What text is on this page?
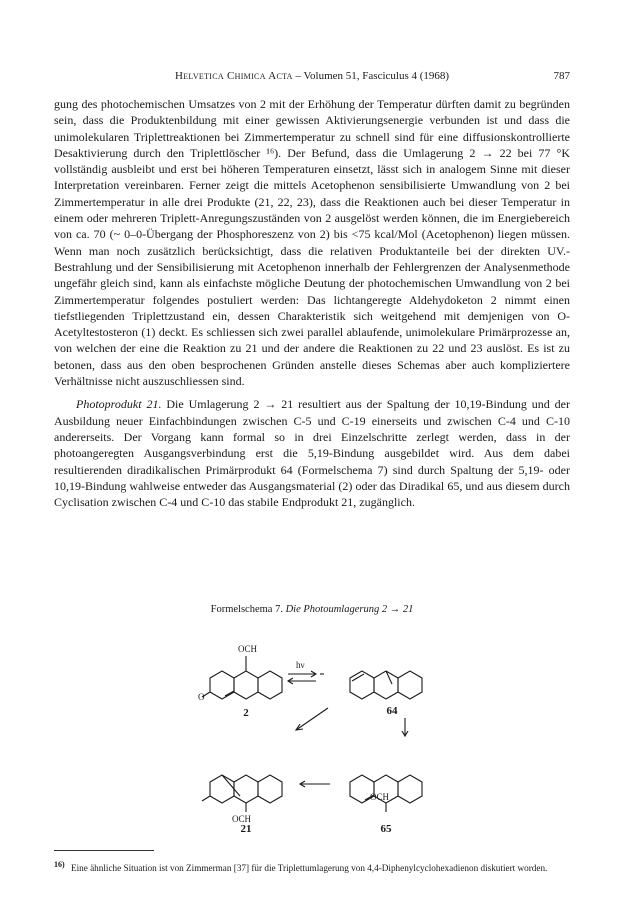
Helvetica Chimica Acta – Volumen 51, Fasciculus 4 (1968)	787

gung des photochemischen Umsatzes von 2 mit der Erhöhung der Temperatur dürften damit zu begründen sein, dass die Produktenbildung mit einer gewissen Aktivierungsenergie verbunden ist und dass die unimolekularen Triplettreaktionen bei Zimmertemperatur zu schnell sind für eine diffusionskontrollierte Desaktivierung durch den Triplettlöscher ¹⁶). Der Befund, dass die Umlagerung 2 → 22 bei 77 °K vollständig ausbleibt und erst bei höheren Temperaturen einsetzt, lässt sich in analogem Sinne mit dieser Interpretation vereinbaren. Ferner zeigt die mittels Acetophenon sensibilisierte Umwandlung von 2 bei Zimmertemperatur in alle drei Produkte (21, 22, 23), dass die Reaktionen auch bei dieser Temperatur in einem oder mehreren Triplett-Anregungszuständen von 2 ausgelöst werden können, die im Energiebereich von ca. 70 (~ 0–0-Übergang der Phosphoreszenz von 2) bis <75 kcal/Mol (Acetophenon) liegen müssen. Wenn man noch zusätzlich berücksichtigt, dass die relativen Produktanteile bei der direkten UV.-Bestrahlung und der Sensibilisierung mit Acetophenon innerhalb der Fehlergrenzen der Analysenmethode ungefähr gleich sind, kann als einfachste mögliche Deutung der photochemischen Umwandlung von 2 bei Zimmertemperatur folgendes postuliert werden: Das lichtangeregte Aldehydoketon 2 nimmt einen tiefstliegenden Triplettzustand ein, dessen Charakteristik sich weitgehend mit demjenigen von O-Acetyltestosteron (1) deckt. Es schliessen sich zwei parallel ablaufende, unimolekulare Primärprozesse an, von welchen der eine die Reaktion zu 21 und der andere die Reaktionen zu 22 und 23 auslöst. Es ist zu betonen, dass aus den oben besprochenen Gründen anstelle dieses Schemas aber auch kompliziertere Verhältnisse nicht auszuschliessen sind.

Photoprodukt 21. Die Umlagerung 2 → 21 resultiert aus der Spaltung der 10,19-Bindung und der Ausbildung neuer Einfachbindungen zwischen C-5 und C-19 einerseits und zwischen C-4 und C-10 andererseits. Der Vorgang kann formal so in drei Einzelschritte zerlegt werden, dass in der photoangeregten Ausgangsverbindung erst die 5,19-Bindung ausgebildet wird. Aus dem dabei resultierenden diradikalischen Primärprodukt 64 (Formelschema 7) sind durch Spaltung der 5,19- oder 10,19-Bindung wahlweise entweder das Ausgangsmaterial (2) oder das Diradikal 65, und aus diesem durch Cyclisation zwischen C-4 und C-10 das stabile Endprodukt 21, zugänglich.

Formelschema 7. Die Photoumlagerung 2 → 21
OCH
O
hν
OCH
OCH
2	64
21	65
16) Eine ähnliche Situation ist von Zimmerman [37] für die Triplettumlagerung von 4,4-Diphenylcyclohexadienon diskutiert worden.
